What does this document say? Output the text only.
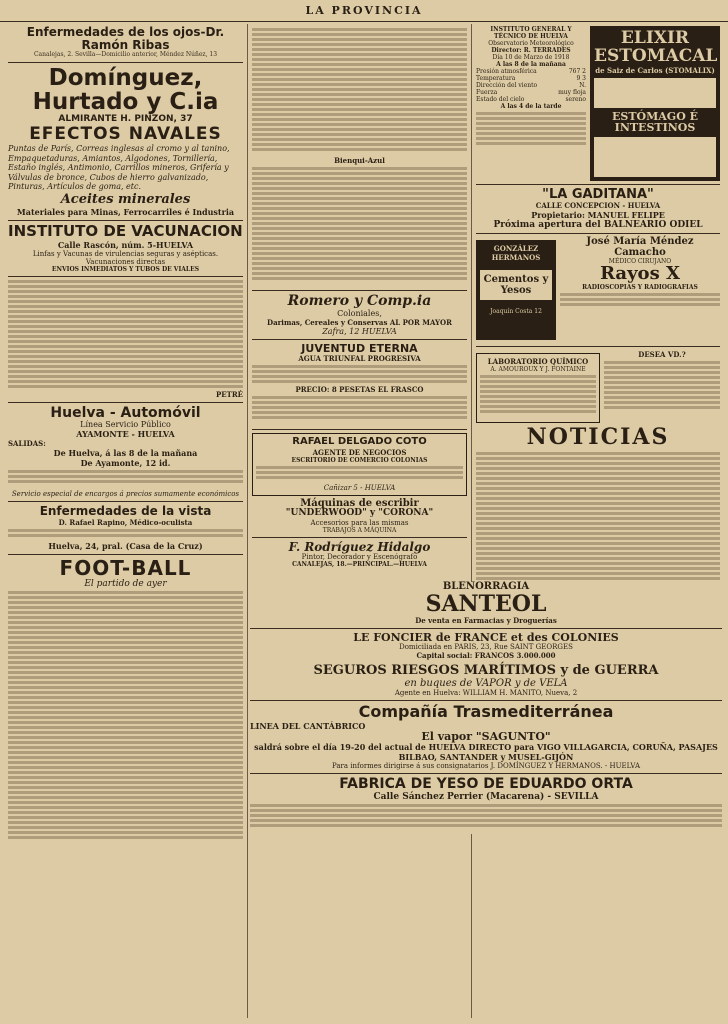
LA PROVINCIA
Enfermedades de los ojos-Dr. Ramón Ribas
Canalejas, 2. Sevilla—Domicilio anterior, Méndez Núñez, 13
Domínguez, Hurtado y C.ia
ALMIRANTE H. PINZON, 37
EFECTOS NAVALES
Puntas de París, Correas inglesas al cromo y al tanino, Empaquetaduras, Amiantos, Algodones, Tornillería, Estaño inglés, Antimonio, Carrillos mineros, Grifería y Válvulas de bronce, Cubos de hierro galvanizado, Pinturas, Artículos de goma, etc.
Aceites minerales
Materiales para Minas, Ferrocarriles é Industria
INSTITUTO DE VACUNACION
Calle Rascón, núm. 5-HUELVA
Linfas y Vacunas de virulencias seguras y asépticas. Vacunaciones directas
ENVIOS INMEDIATOS Y TUBOS DE VIALES
PETRÉ
Huelva - Automóvil
Línea Servicio Público
AYAMONTE - HUELVA
SALIDAS:
De Huelva, á las 8 de la mañana
De Ayamonte, 12 id.
Servicio especial de encargos á precios sumamente económicos
Enfermedades de la vista
D. Rafael Rapino, Médico-oculista
Huelva, 24, pral. (Casa de la Cruz)
FOOT-BALL
El partido de ayer
Bienqui-Azul
Romero y Comp.ia
Coloniales,
Darimas, Cereales y Conservas AL POR MAYOR
Zafra, 12 HUELVA
JUVENTUD ETERNA
AGUA TRIUNFAL PROGRESIVA
PRECIO: 8 PESETAS EL FRASCO
RAFAEL DELGADO COTO
AGENTE DE NEGOCIOS
ESCRITORIO DE COMERCIO COLONIAS
Cañizar 5 - HUELVA
Máquinas de escribir
"UNDERWOOD" y "CORONA"
Accesorios para las mismas
TRABAJOS A MÁQUINA
F. Rodríguez Hidalgo
Pintor, Decorador y Escenógrafo
CANALEJAS, 18.—PRINCIPAL.—HUELVA
INSTITUTO GENERAL Y TÉCNICO DE HUELVA
Observatorio Meteorológico
Director: R. TERRADES
Día 10 de Marzo de 1918
A las 8 de la mañana
Presión atmosférica	767 2
Temperatura	9 3
Dirección del viento	N.
Fuerza	muy floja
Estado del cielo	sereno
A las 4 de la tarde
ELIXIR ESTOMACAL
de Saiz de Carlos (STOMALIX)
ESTÓMAGO É INTESTINOS
"LA GADITANA"
CALLE CONCEPCION - HUELVA
Propietario: MANUEL FELIPE
Próxima apertura del BALNEARIO ODIEL
GONZÁLEZ HERMANOS
Cementos y Yesos
Joaquín Costa 12
José María Méndez Camacho
MÉDICO CIRUJANO
Rayos X
RADIOSCOPIAS Y RADIOGRAFIAS
LABORATORIO QUÍMICO
A. AMOUROUX Y J. FONTAINE
DESEA VD.?
NOTICIAS
BLENORRAGIA
SANTEOL
De venta en Farmacias y Droguerías
LE FONCIER de FRANCE et des COLONIES
Domiciliada en PARIS, 23, Rue SAINT GEORGES
Capital social: FRANCOS 3.000.000
SEGUROS RIESGOS MARÍTIMOS y de GUERRA
en buques de VAPOR y de VELA
Agente en Huelva: WILLIAM H. MANITO, Nueva, 2
Compañía Trasmediterránea
LINEA DEL CANTÁBRICO
El vapor "SAGUNTO"
saldrá sobre el día 19-20 del actual de HUELVA DIRECTO para VIGO VILLAGARCIA, CORUÑA, PASAJES BILBAO, SANTANDER y MUSEL-GIJÓN
Para informes dirigirse á sus consignatarios J. DOMÍNGUEZ Y HERMANOS. - HUELVA
FABRICA DE YESO DE EDUARDO ORTA
Calle Sánchez Perrier (Macarena) - SEVILLA
